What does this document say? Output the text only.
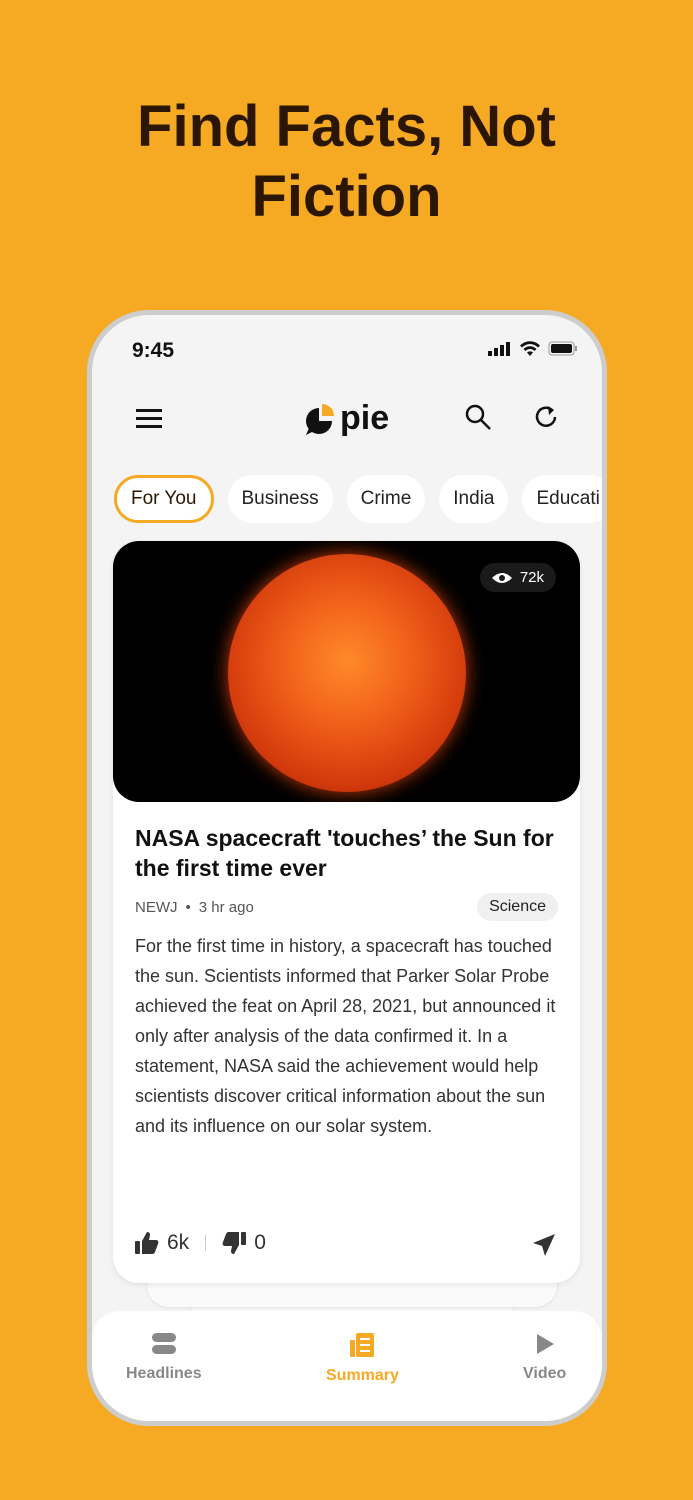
Find Facts, Not
Fiction
9:45
pie
For You	Business	Crime	India	Educati
72k
NASA spacecraft 'touches’ the Sun for the first time ever
NEWJ • 3 hr ago	Science
For the first time in history, a spacecraft has touched the sun. Scientists informed that Parker Solar Probe achieved the feat on April 28, 2021, but announced it only after analysis of the data confirmed it. In a statement, NASA said the achievement would help scientists discover critical information about the sun and its influence on our solar system.
6k	0
Headlines	Summary	Video
